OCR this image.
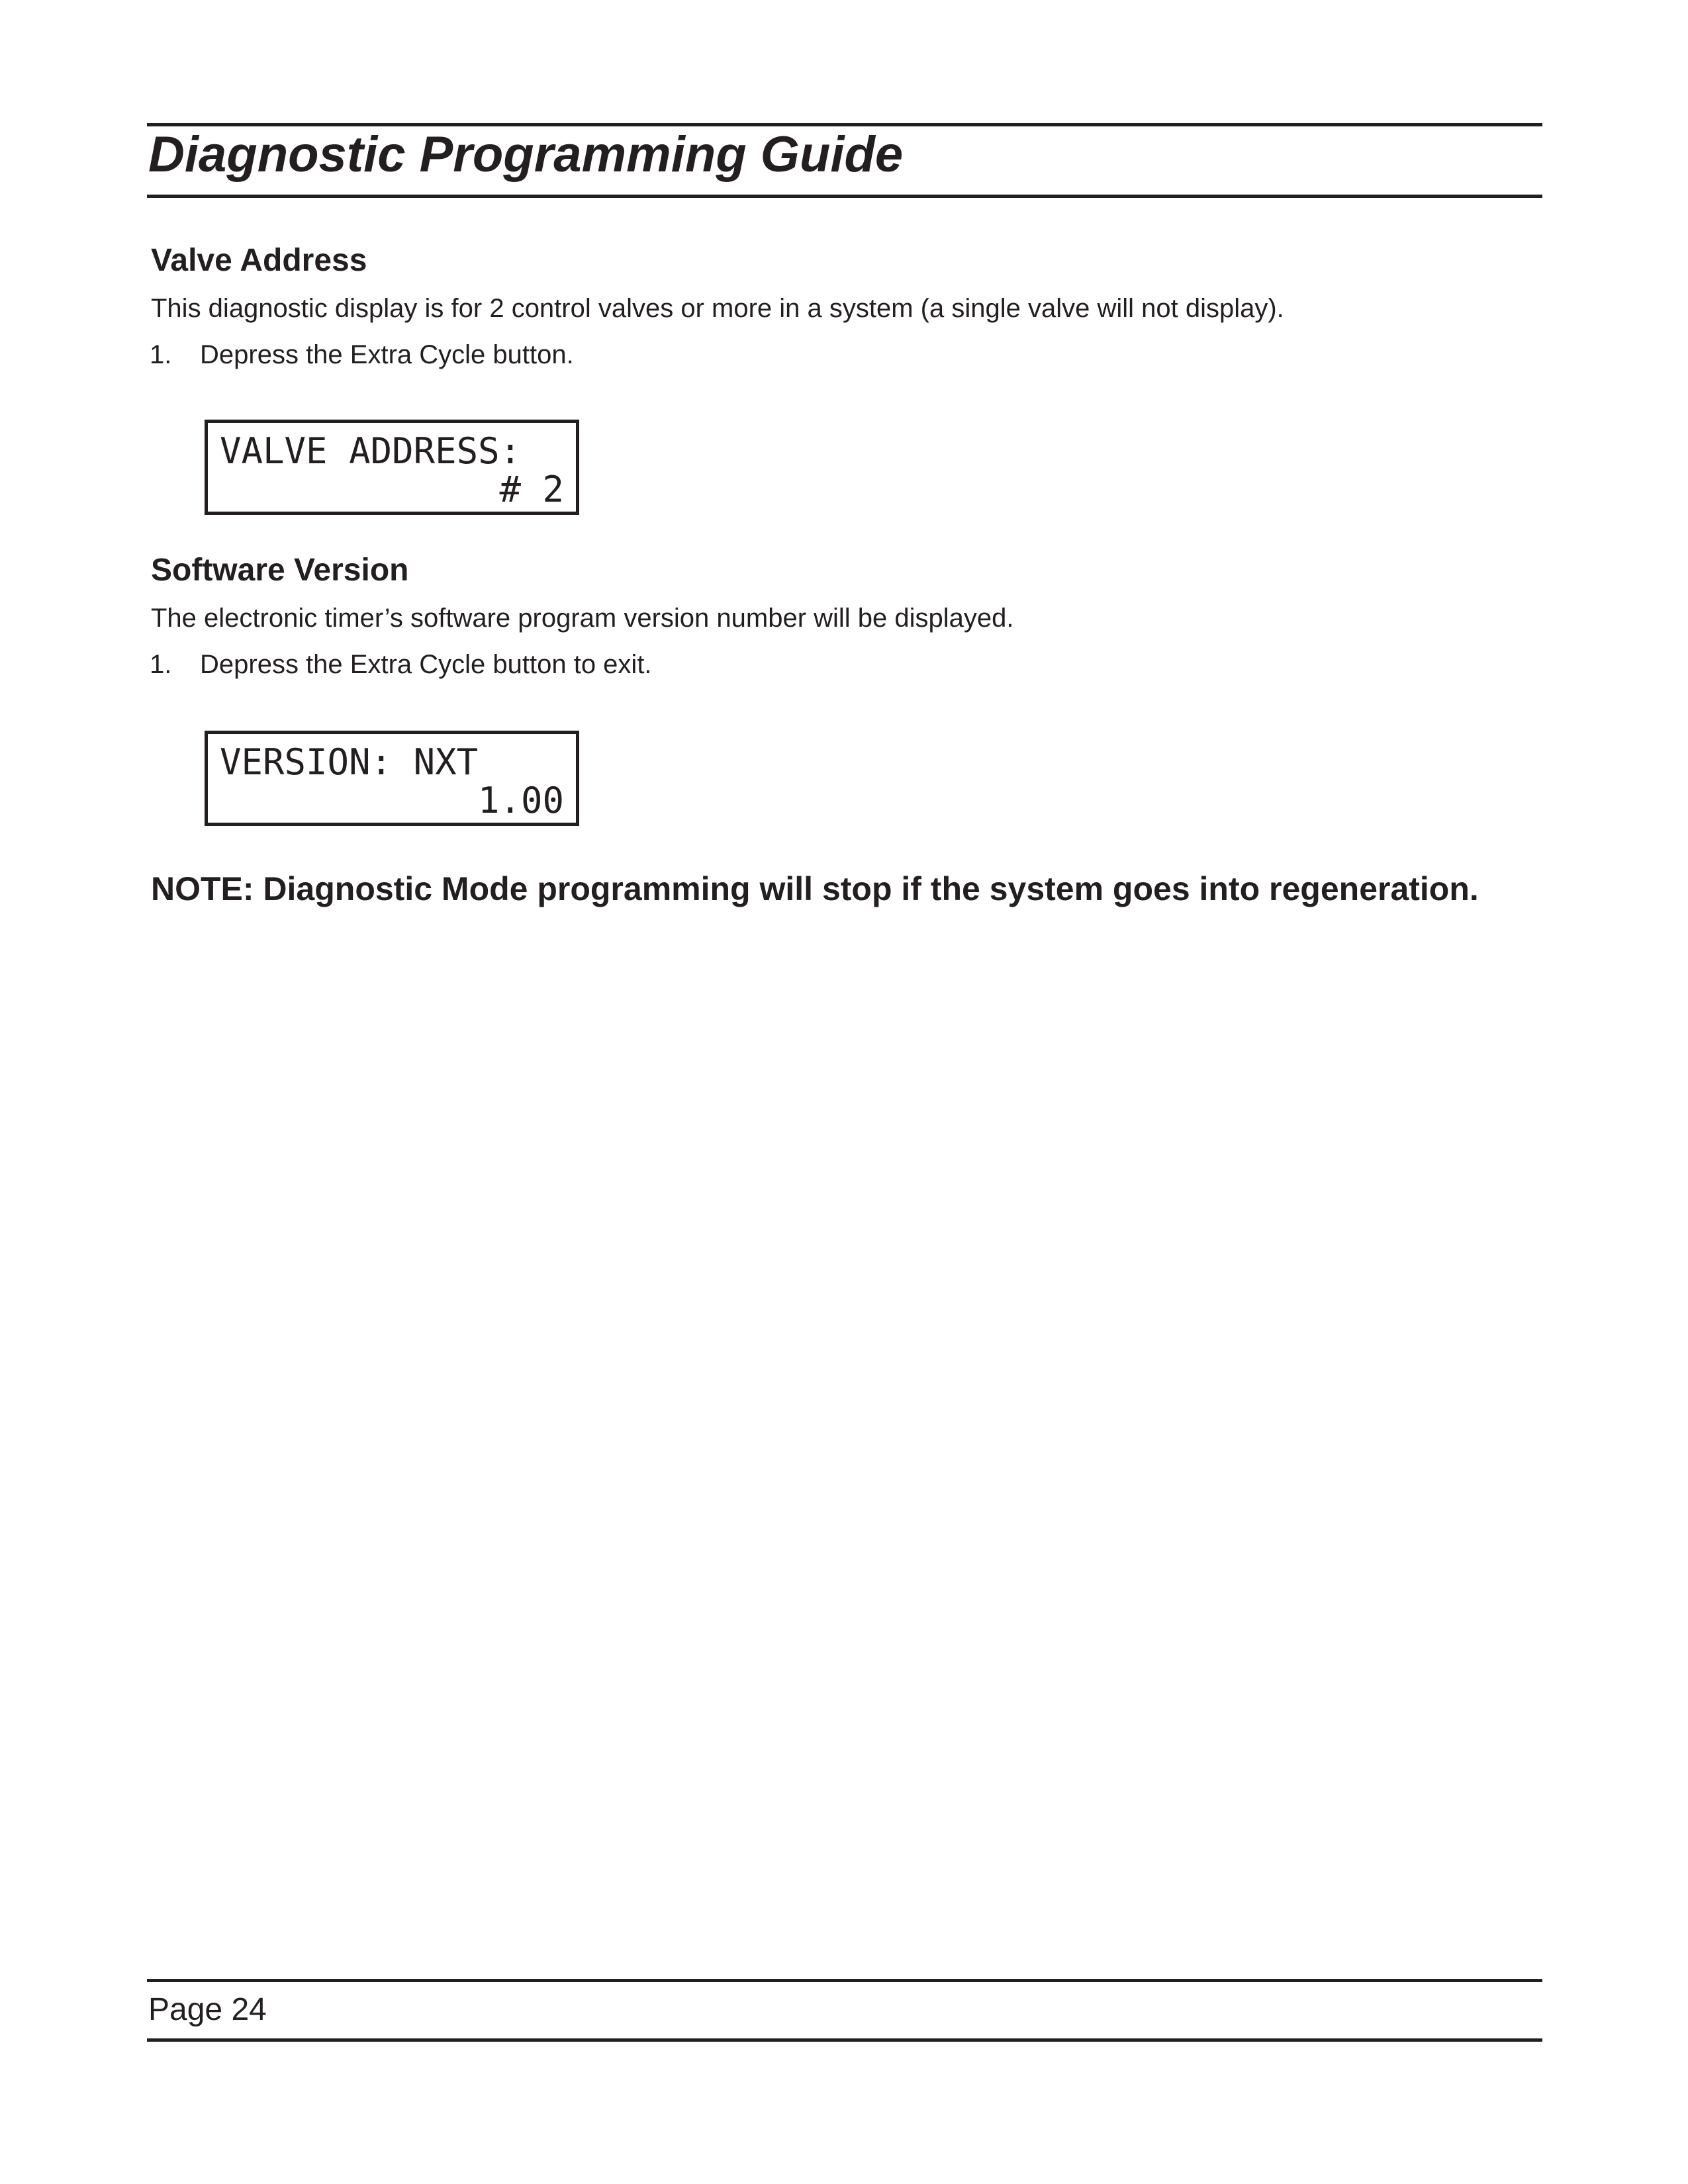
Diagnostic Programming Guide
Valve Address

This diagnostic display is for 2 control valves or more in a system (a single valve will not display).

1. Depress the Extra Cycle button.
VALVE ADDRESS:
# 2
Software Version

The electronic timer’s software program version number will be displayed.

1. Depress the Extra Cycle button to exit.
VERSION: NXT
1.00

NOTE: Diagnostic Mode programming will stop if the system goes into regeneration.

Page 24
